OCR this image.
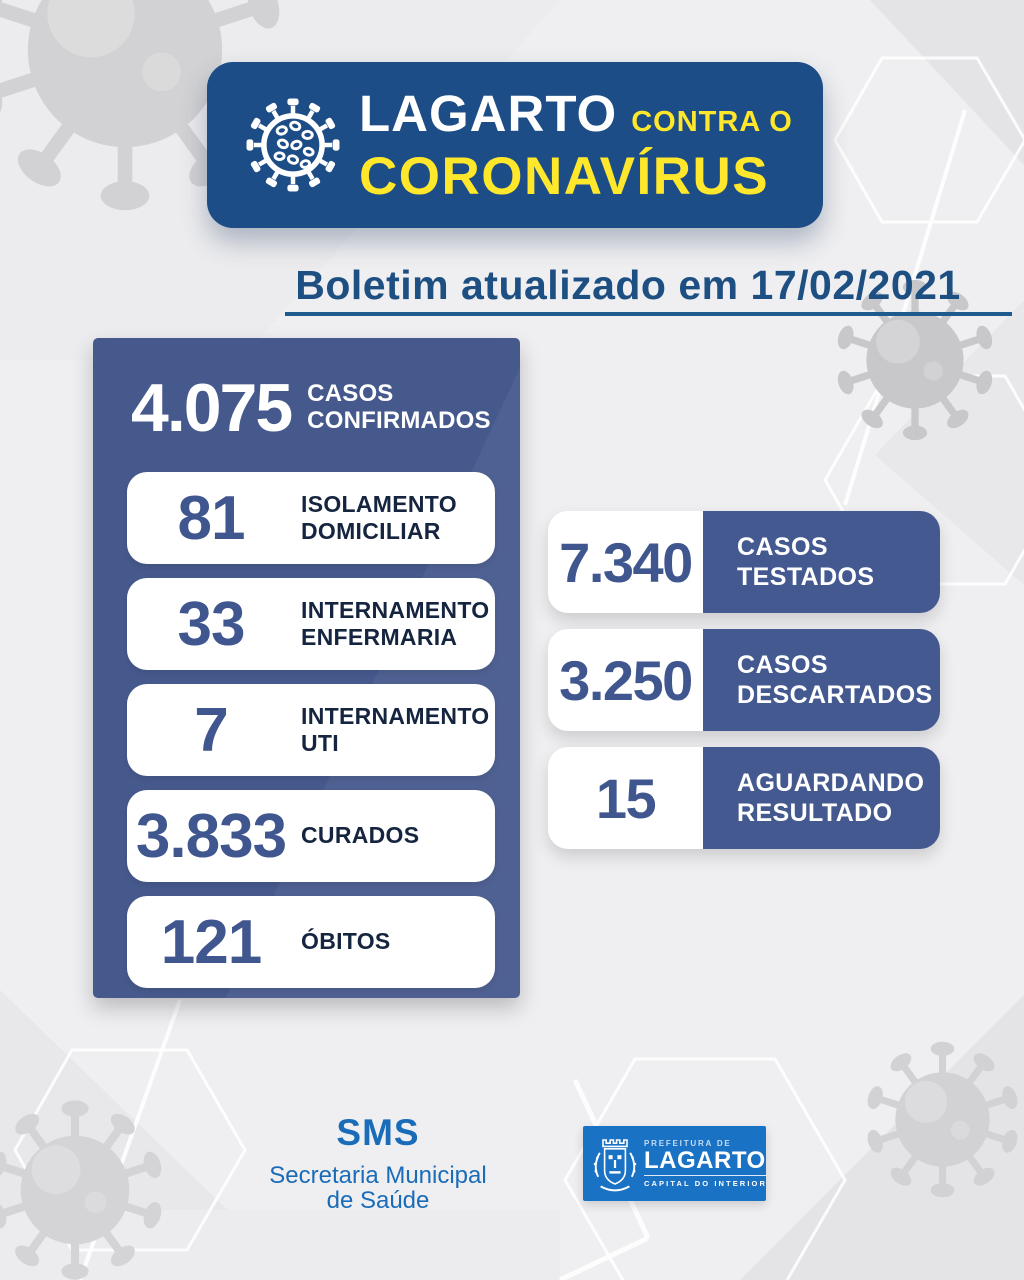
LAGARTO CONTRA O
CORONAVÍRUS
Boletim atualizado em 17/02/2021
4.075 CASOS
CONFIRMADOS
81	ISOLAMENTO
DOMICILIAR
33	INTERNAMENTO
ENFERMARIA
7	INTERNAMENTO
UTI
3.833 CURADOS
121	ÓBITOS
7.340	CASOS
TESTADOS
3.250	CASOS
DESCARTADOS
15	AGUARDANDO
RESULTADO
SMS
Secretaria Municipal
de Saúde
PREFEITURA DE
LAGARTO
CAPITAL DO INTERIOR
